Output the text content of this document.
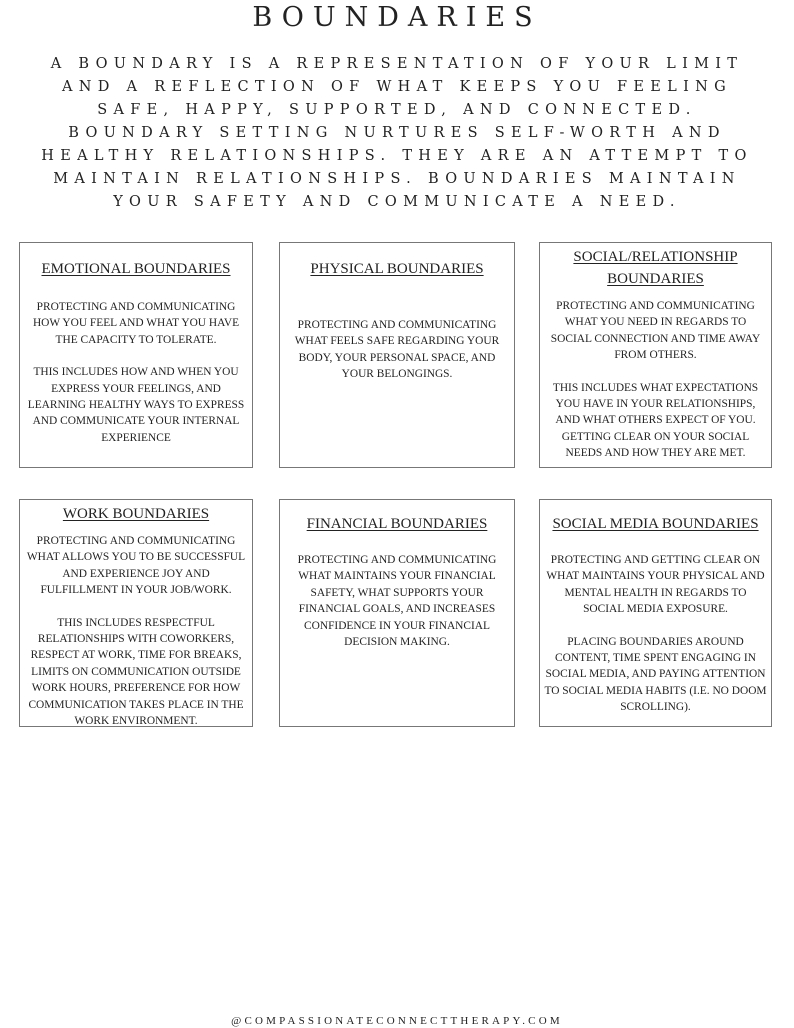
BOUNDARIES
A BOUNDARY IS A REPRESENTATION OF YOUR LIMIT
AND A REFLECTION OF WHAT KEEPS YOU FEELING
SAFE, HAPPY, SUPPORTED, AND CONNECTED.
BOUNDARY SETTING NURTURES SELF-WORTH AND
HEALTHY RELATIONSHIPS. THEY ARE AN ATTEMPT TO
MAINTAIN RELATIONSHIPS. BOUNDARIES MAINTAIN
YOUR SAFETY AND COMMUNICATE A NEED.
EMOTIONAL BOUNDARIES

PROTECTING AND COMMUNICATING HOW YOU FEEL AND WHAT YOU HAVE THE CAPACITY TO TOLERATE.

THIS INCLUDES HOW AND WHEN YOU EXPRESS YOUR FEELINGS, AND LEARNING HEALTHY WAYS TO EXPRESS AND COMMUNICATE YOUR INTERNAL EXPERIENCE

PHYSICAL BOUNDARIES

PROTECTING AND COMMUNICATING WHAT FEELS SAFE REGARDING YOUR BODY, YOUR PERSONAL SPACE, AND YOUR BELONGINGS.

SOCIAL/RELATIONSHIP BOUNDARIES

PROTECTING AND COMMUNICATING WHAT YOU NEED IN REGARDS TO SOCIAL CONNECTION AND TIME AWAY FROM OTHERS.

THIS INCLUDES WHAT EXPECTATIONS YOU HAVE IN YOUR RELATIONSHIPS, AND WHAT OTHERS EXPECT OF YOU. GETTING CLEAR ON YOUR SOCIAL NEEDS AND HOW THEY ARE MET.

WORK BOUNDARIES

PROTECTING AND COMMUNICATING WHAT ALLOWS YOU TO BE SUCCESSFUL AND EXPERIENCE JOY AND FULFILLMENT IN YOUR JOB/WORK.

THIS INCLUDES RESPECTFUL RELATIONSHIPS WITH COWORKERS, RESPECT AT WORK, TIME FOR BREAKS, LIMITS ON COMMUNICATION OUTSIDE WORK HOURS, PREFERENCE FOR HOW COMMUNICATION TAKES PLACE IN THE WORK ENVIRONMENT.

FINANCIAL BOUNDARIES

PROTECTING AND COMMUNICATING WHAT MAINTAINS YOUR FINANCIAL SAFETY, WHAT SUPPORTS YOUR FINANCIAL GOALS, AND INCREASES CONFIDENCE IN YOUR FINANCIAL DECISION MAKING.

SOCIAL MEDIA BOUNDARIES

PROTECTING AND GETTING CLEAR ON WHAT MAINTAINS YOUR PHYSICAL AND MENTAL HEALTH IN REGARDS TO SOCIAL MEDIA EXPOSURE.

PLACING BOUNDARIES AROUND CONTENT, TIME SPENT ENGAGING IN SOCIAL MEDIA, AND PAYING ATTENTION TO SOCIAL MEDIA HABITS (I.E. NO DOOM SCROLLING).

@COMPASSIONATECONNECTTHERAPY.COM
